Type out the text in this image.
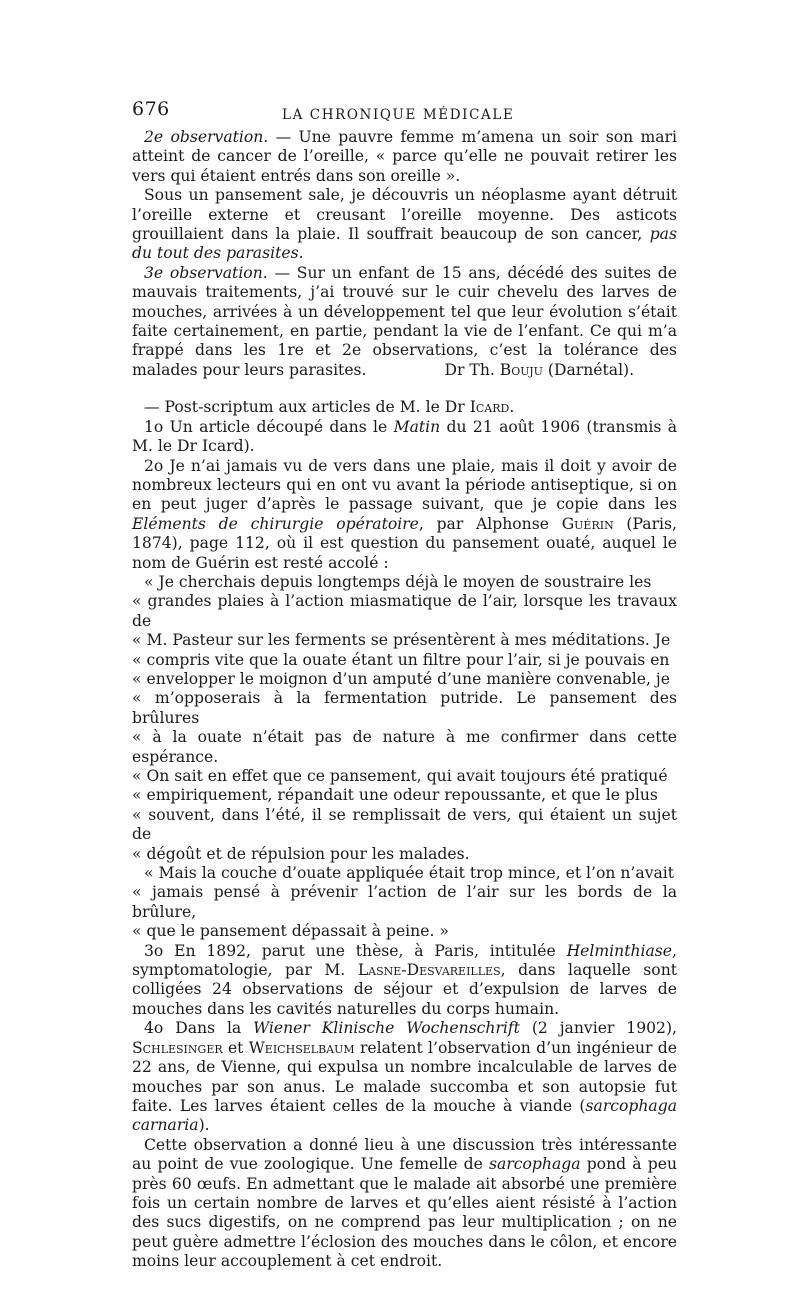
676	LA CHRONIQUE MÉDICALE

2e observation. — Une pauvre femme m’amena un soir son mari atteint de cancer de l’oreille, « parce qu’elle ne pouvait retirer les vers qui étaient entrés dans son oreille ».

Sous un pansement sale, je découvris un néoplasme ayant détruit l’oreille externe et creusant l’oreille moyenne. Des asticots grouillaient dans la plaie. Il souffrait beaucoup de son cancer, pas du tout des parasites.

3e observation. — Sur un enfant de 15 ans, décédé des suites de mauvais traitements, j’ai trouvé sur le cuir chevelu des larves de mouches, arrivées à un développement tel que leur évolution s’était faite certainement, en partie, pendant la vie de l’enfant. Ce qui m’a frappé dans les 1re et 2e observations, c’est la tolérance des malades pour leurs parasites.	Dr Th. Bouju (Darnétal).

— Post-scriptum aux articles de M. le Dr Icard.

1o Un article découpé dans le Matin du 21 août 1906 (transmis à M. le Dr Icard).

2o Je n’ai jamais vu de vers dans une plaie, mais il doit y avoir de nombreux lecteurs qui en ont vu avant la période antiseptique, si on en peut juger d’après le passage suivant, que je copie dans les Eléments de chirurgie opératoire, par Alphonse Guérin (Paris, 1874), page 112, où il est question du pansement ouaté, auquel le nom de Guérin est resté accolé :

« Je cherchais depuis longtemps déjà le moyen de soustraire les

« grandes plaies à l’action miasmatique de l’air, lorsque les travaux de

« M. Pasteur sur les ferments se présentèrent à mes méditations. Je

« compris vite que la ouate étant un filtre pour l’air, si je pouvais en

« envelopper le moignon d’un amputé d’une manière convenable, je

« m’opposerais à la fermentation putride. Le pansement des brûlures

« à la ouate n’était pas de nature à me confirmer dans cette espérance.

« On sait en effet que ce pansement, qui avait toujours été pratiqué

« empiriquement, répandait une odeur repoussante, et que le plus

« souvent, dans l’été, il se remplissait de vers, qui étaient un sujet de

« dégoût et de répulsion pour les malades.

« Mais la couche d’ouate appliquée était trop mince, et l’on n’avait

« jamais pensé à prévenir l’action de l’air sur les bords de la brûlure,

« que le pansement dépassait à peine. »

3o En 1892, parut une thèse, à Paris, intitulée Helminthiase, symptomatologie, par M. Lasne-Desvareilles, dans laquelle sont colligées 24 observations de séjour et d’expulsion de larves de mouches dans les cavités naturelles du corps humain.

4o Dans la Wiener Klinische Wochenschrift (2 janvier 1902), Schlesinger et Weichselbaum relatent l’observation d’un ingénieur de 22 ans, de Vienne, qui expulsa un nombre incalculable de larves de mouches par son anus. Le malade succomba et son autopsie fut faite. Les larves étaient celles de la mouche à viande (sarcophaga carnaria).

Cette observation a donné lieu à une discussion très intéressante au point de vue zoologique. Une femelle de sarcophaga pond à peu près 60 œufs. En admettant que le malade ait absorbé une première fois un certain nombre de larves et qu’elles aient résisté à l’action des sucs digestifs, on ne comprend pas leur multiplication ; on ne peut guère admettre l’éclosion des mouches dans le côlon, et encore moins leur accouplement à cet endroit.
